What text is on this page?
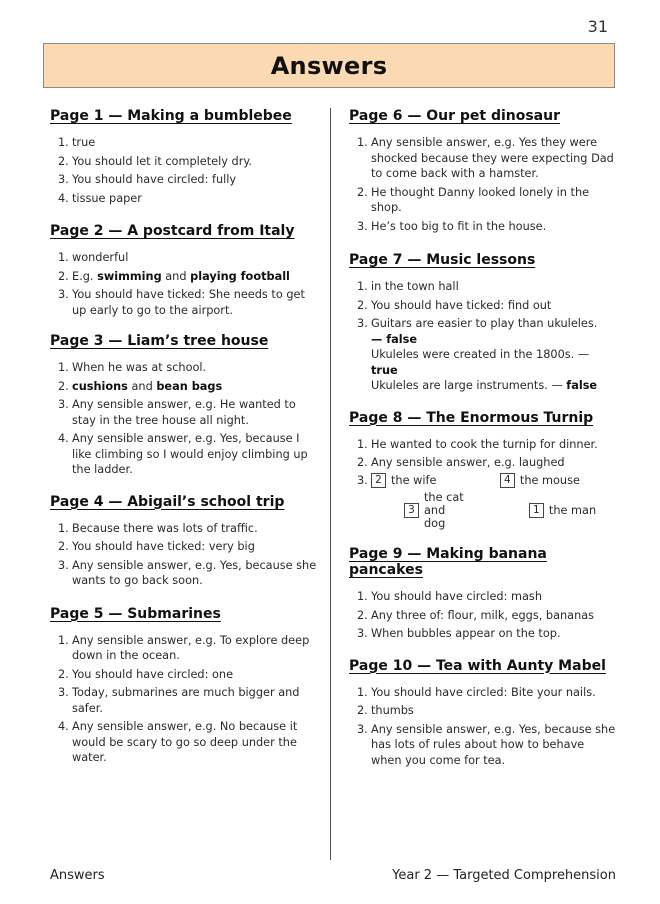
31
Answers
Page 1 — Making a bumblebee
1. true
2. You should let it completely dry.
3. You should have circled: fully
4. tissue paper
Page 2 — A postcard from Italy
1. wonderful
2. E.g. swimming and playing football
3. You should have ticked: She needs to get up early to go to the airport.
Page 3 — Liam’s tree house
1. When he was at school.
2. cushions and bean bags
3. Any sensible answer, e.g. He wanted to stay in the tree house all night.
4. Any sensible answer, e.g. Yes, because I like climbing so I would enjoy climbing up the ladder.
Page 4 — Abigail’s school trip
1. Because there was lots of traffic.
2. You should have ticked: very big
3. Any sensible answer, e.g. Yes, because she wants to go back soon.
Page 5 — Submarines
1. Any sensible answer, e.g. To explore deep down in the ocean.
2. You should have circled: one
3. Today, submarines are much bigger and safer.
4. Any sensible answer, e.g. No because it would be scary to go so deep under the water.
Page 6 — Our pet dinosaur
1. Any sensible answer, e.g. Yes they were shocked because they were expecting Dad to come back with a hamster.
2. He thought Danny looked lonely in the shop.
3. He’s too big to fit in the house.
Page 7 — Music lessons
1. in the town hall
2. You should have ticked: find out
3. Guitars are easier to play than ukuleles.
— false
Ukuleles were created in the 1800s. — true
Ukuleles are large instruments. — false
Page 8 — The Enormous Turnip
1. He wanted to cook the turnip for dinner.
2. Any sensible answer, e.g. laughed
3. 2 the wife	4 the mouse
3
the cat and dog
1 the man
Page 9 — Making banana pancakes
1. You should have circled: mash
2. Any three of: flour, milk, eggs, bananas
3. When bubbles appear on the top.
Page 10 — Tea with Aunty Mabel
1. You should have circled: Bite your nails.
2. thumbs
3. Any sensible answer, e.g. Yes, because she has lots of rules about how to behave when you come for tea.
Answers	Year 2 — Targeted Comprehension
